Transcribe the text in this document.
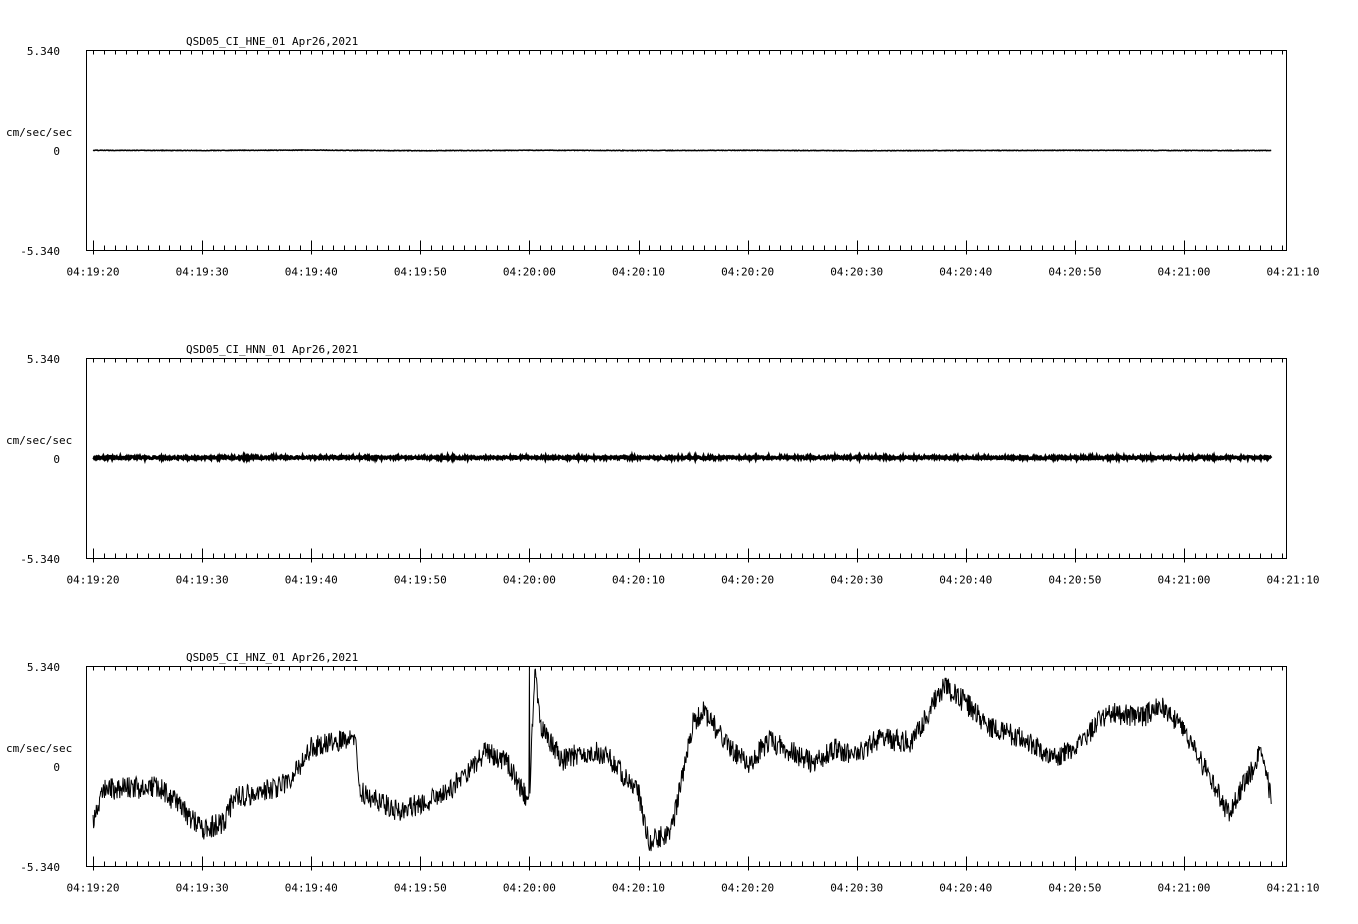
QSD05_CI_HNE_01 Apr26,2021
cm/sec/sec
5.340
0
-5.340
04:19:20	04:19:30	04:19:40	04:19:50	04:20:00	04:20:10	04:20:20	04:20:30	04:20:40	04:20:50	04:21:00	04:21:10
QSD05_CI_HNN_01 Apr26,2021
cm/sec/sec
5.340
0
-5.340
04:19:20	04:19:30	04:19:40	04:19:50	04:20:00	04:20:10	04:20:20	04:20:30	04:20:40	04:20:50	04:21:00	04:21:10
QSD05_CI_HNZ_01 Apr26,2021
cm/sec/sec
5.340
0
-5.340
04:19:20	04:19:30	04:19:40	04:19:50	04:20:00	04:20:10	04:20:20	04:20:30	04:20:40	04:20:50	04:21:00	04:21:10
